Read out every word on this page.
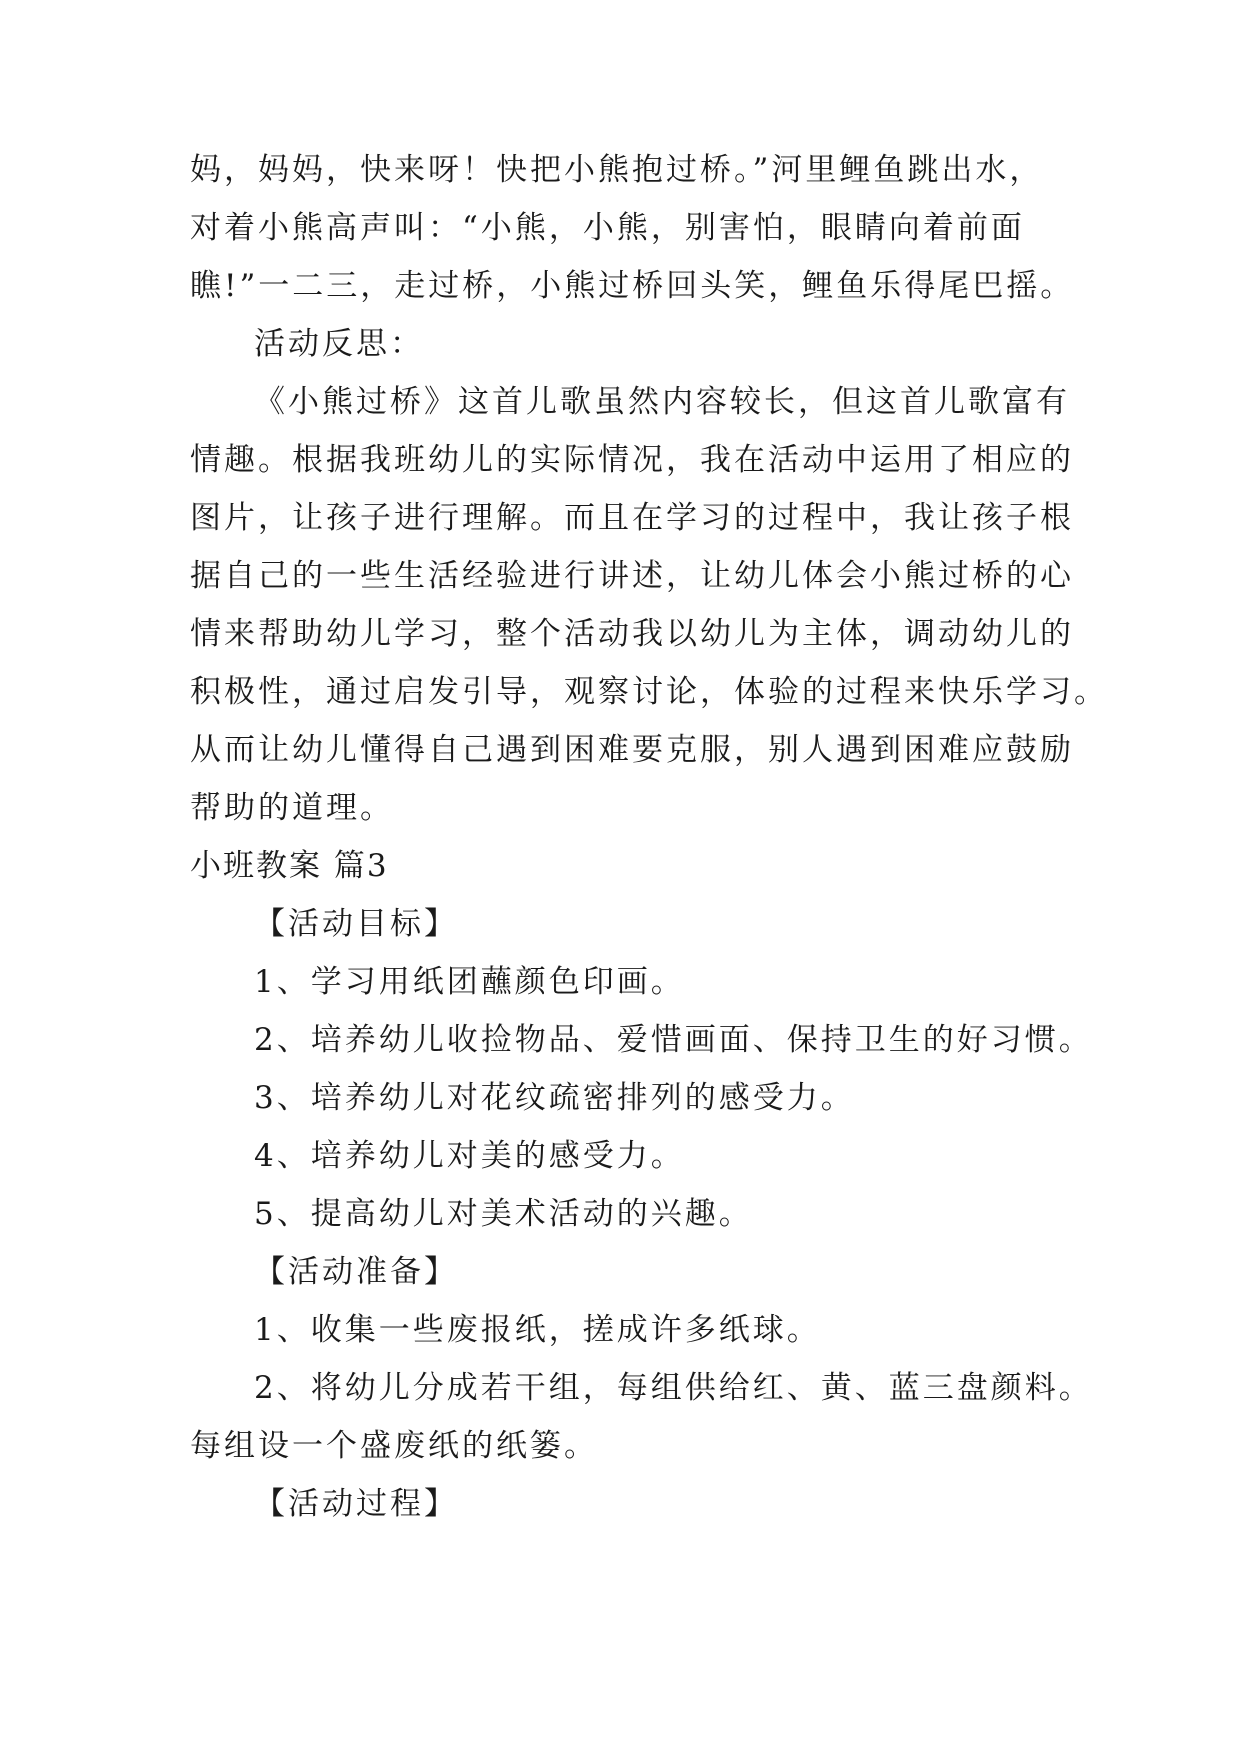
妈，妈妈，快来呀！快把小熊抱过桥。”河里鲤鱼跳出水，
对着小熊高声叫：“小熊，小熊，别害怕，眼睛向着前面
瞧!”一二三，走过桥，小熊过桥回头笑，鲤鱼乐得尾巴摇。
活动反思：
《小熊过桥》这首儿歌虽然内容较长，但这首儿歌富有
情趣。根据我班幼儿的实际情况，我在活动中运用了相应的
图片，让孩子进行理解。而且在学习的过程中，我让孩子根
据自己的一些生活经验进行讲述，让幼儿体会小熊过桥的心
情来帮助幼儿学习，整个活动我以幼儿为主体，调动幼儿的
积极性，通过启发引导，观察讨论，体验的过程来快乐学习。
从而让幼儿懂得自己遇到困难要克服，别人遇到困难应鼓励
帮助的道理。
小班教案 篇3
【活动目标】
1、学习用纸团蘸颜色印画。
2、培养幼儿收捡物品、爱惜画面、保持卫生的好习惯。
3、培养幼儿对花纹疏密排列的感受力。
4、培养幼儿对美的感受力。
5、提高幼儿对美术活动的兴趣。
【活动准备】
1、收集一些废报纸，搓成许多纸球。
2、将幼儿分成若干组，每组供给红、黄、蓝三盘颜料。
每组设一个盛废纸的纸篓。
【活动过程】
